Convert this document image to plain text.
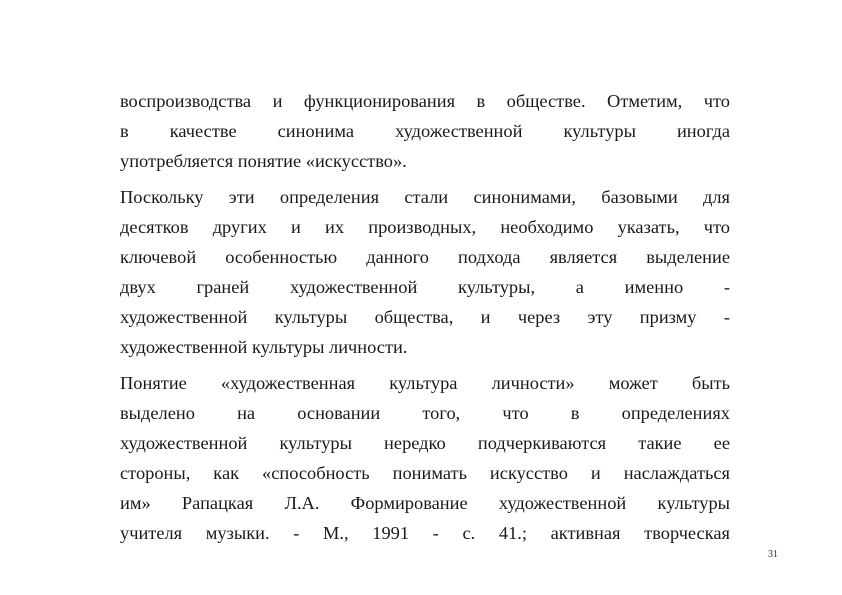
воспроизводства и функционирования в обществе. Отметим, что
в качестве синонима художественной культуры иногда
употребляется понятие «искусство».
Поскольку эти определения стали синонимами, базовыми для
десятков других и их производных, необходимо указать, что
ключевой особенностью данного подхода является выделение
двух граней художественной культуры, а именно -
художественной культуры общества, и через эту призму -
художественной культуры личности.
Понятие «художественная культура личности» может быть
выделено на основании того, что в определениях
художественной культуры нередко подчеркиваются такие ее
стороны, как «способность понимать искусство и наслаждаться
им» Рапацкая Л.А. Формирование художественной культуры
учителя музыки. - М., 1991 - с. 41.; активная творческая
31
